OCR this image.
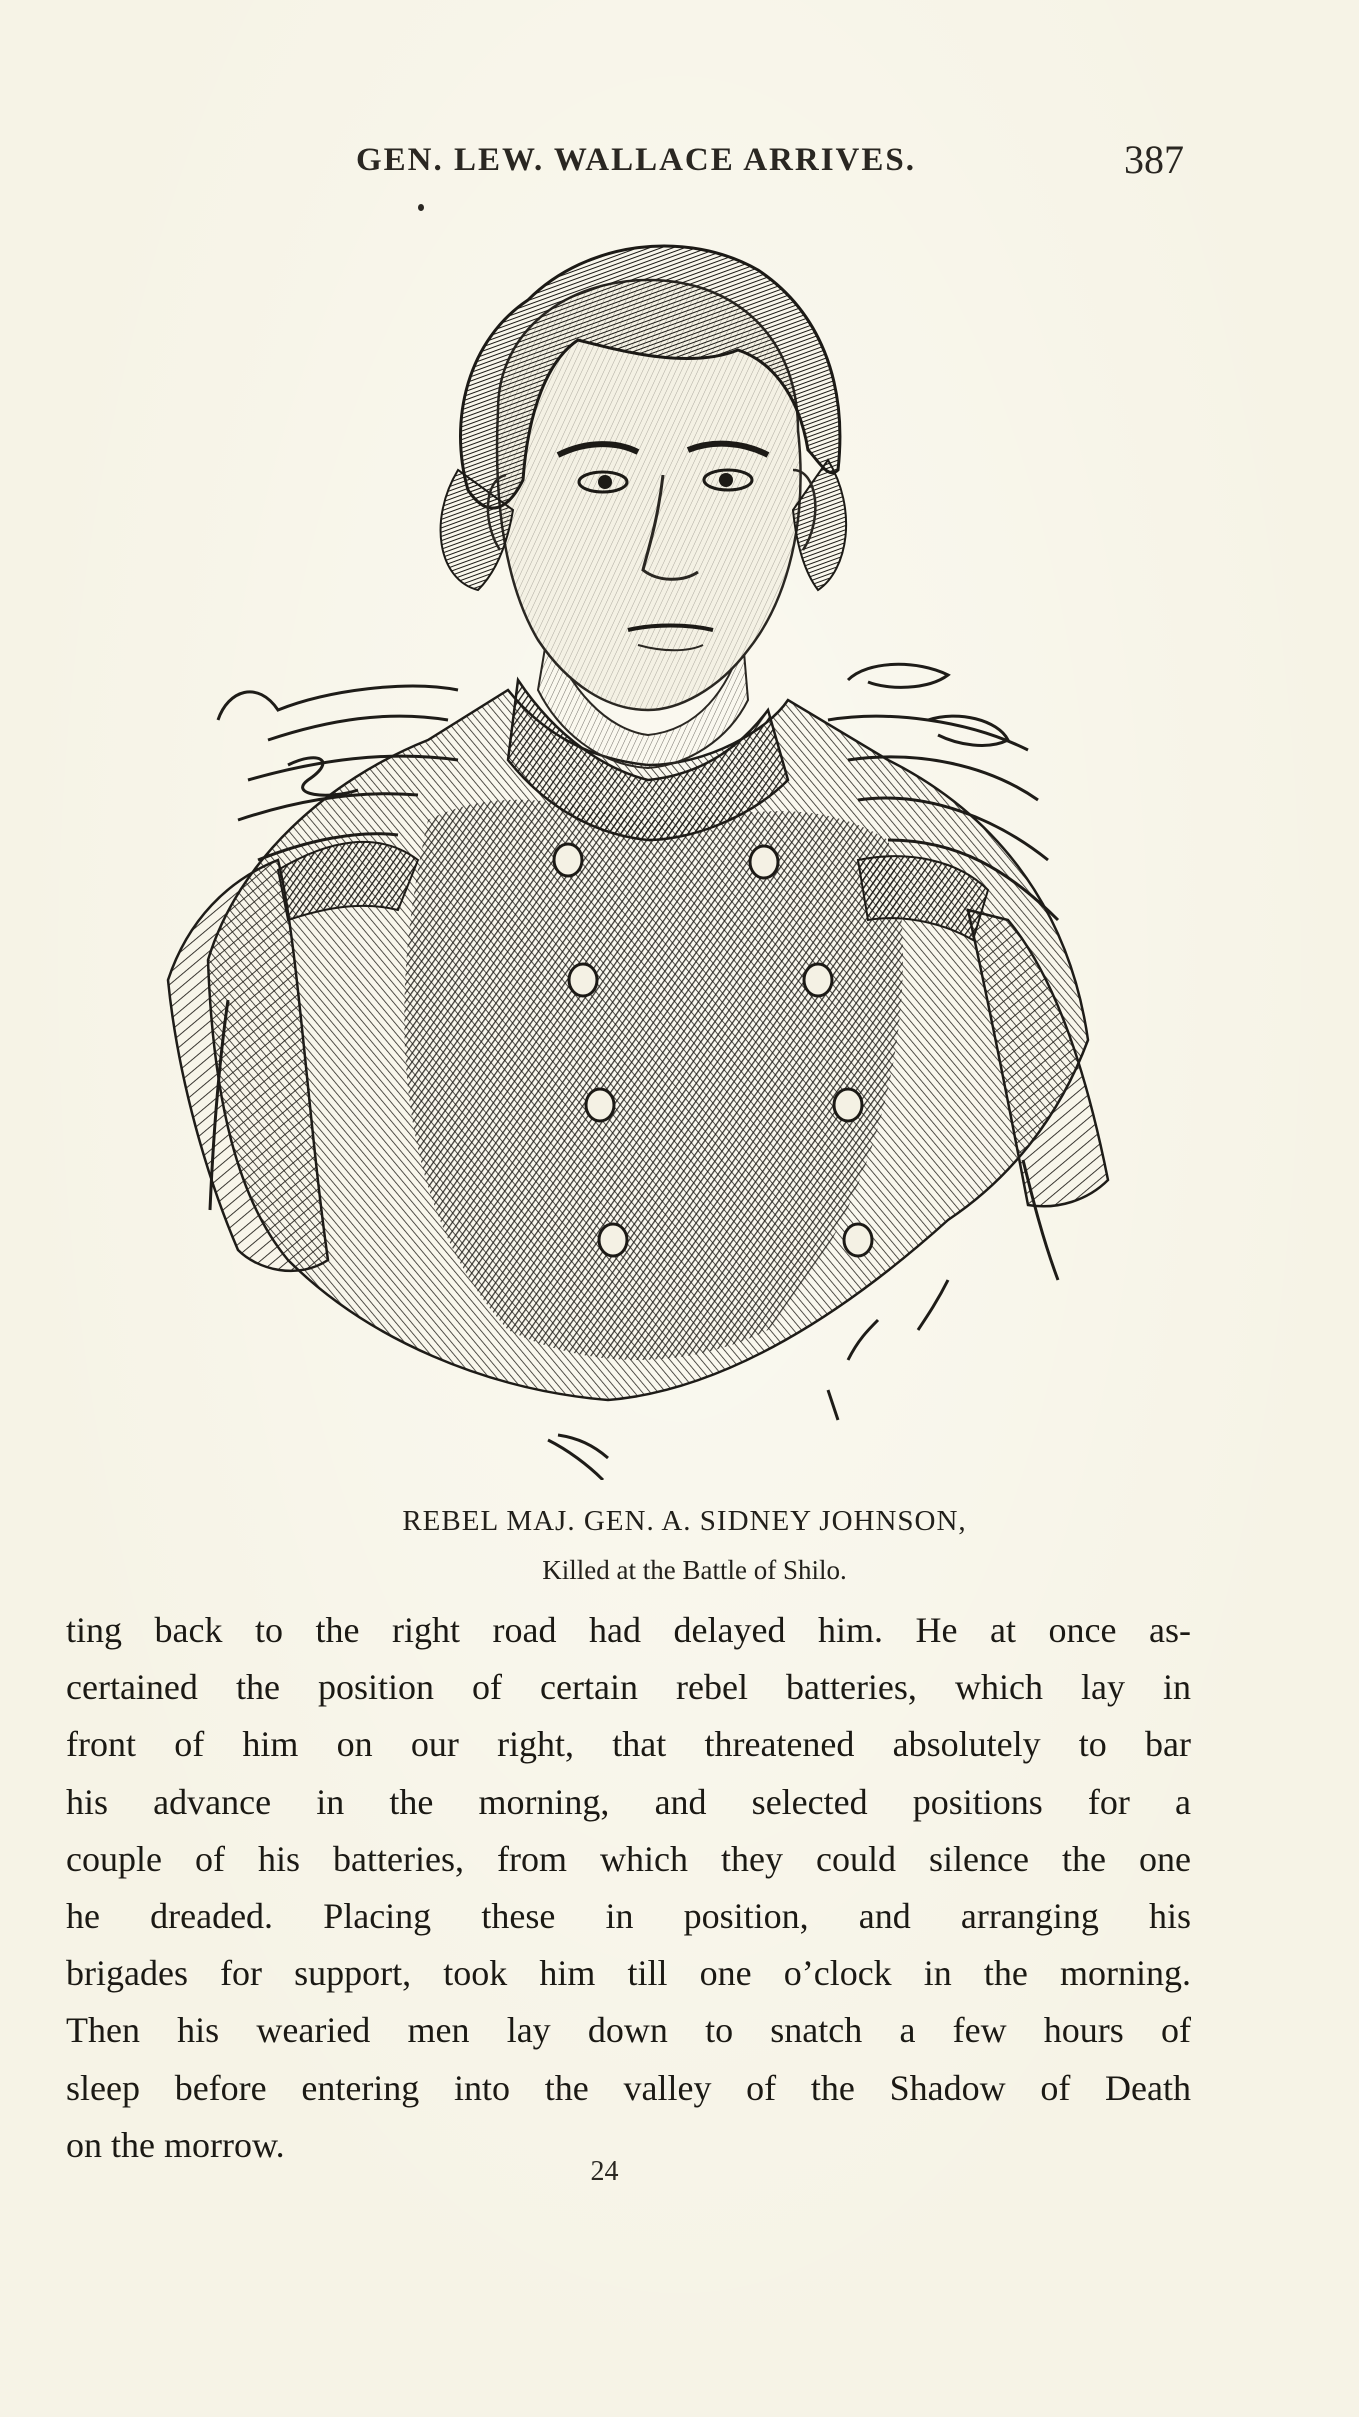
GEN. LEW. WALLACE ARRIVES.	387
REBEL MAJ. GEN. A. SIDNEY JOHNSON,
Killed at the Battle of Shilo.
ting back to the right road had delayed him. He at once as-
certained the position of certain rebel batteries, which lay in
front of him on our right, that threatened absolutely to bar
his advance in the morning, and selected positions for a
couple of his batteries, from which they could silence the one
he dreaded. Placing these in position, and arranging his
brigades for support, took him till one o’clock in the morning.
Then his wearied men lay down to snatch a few hours of
sleep before entering into the valley of the Shadow of Death
on the morrow.
24
